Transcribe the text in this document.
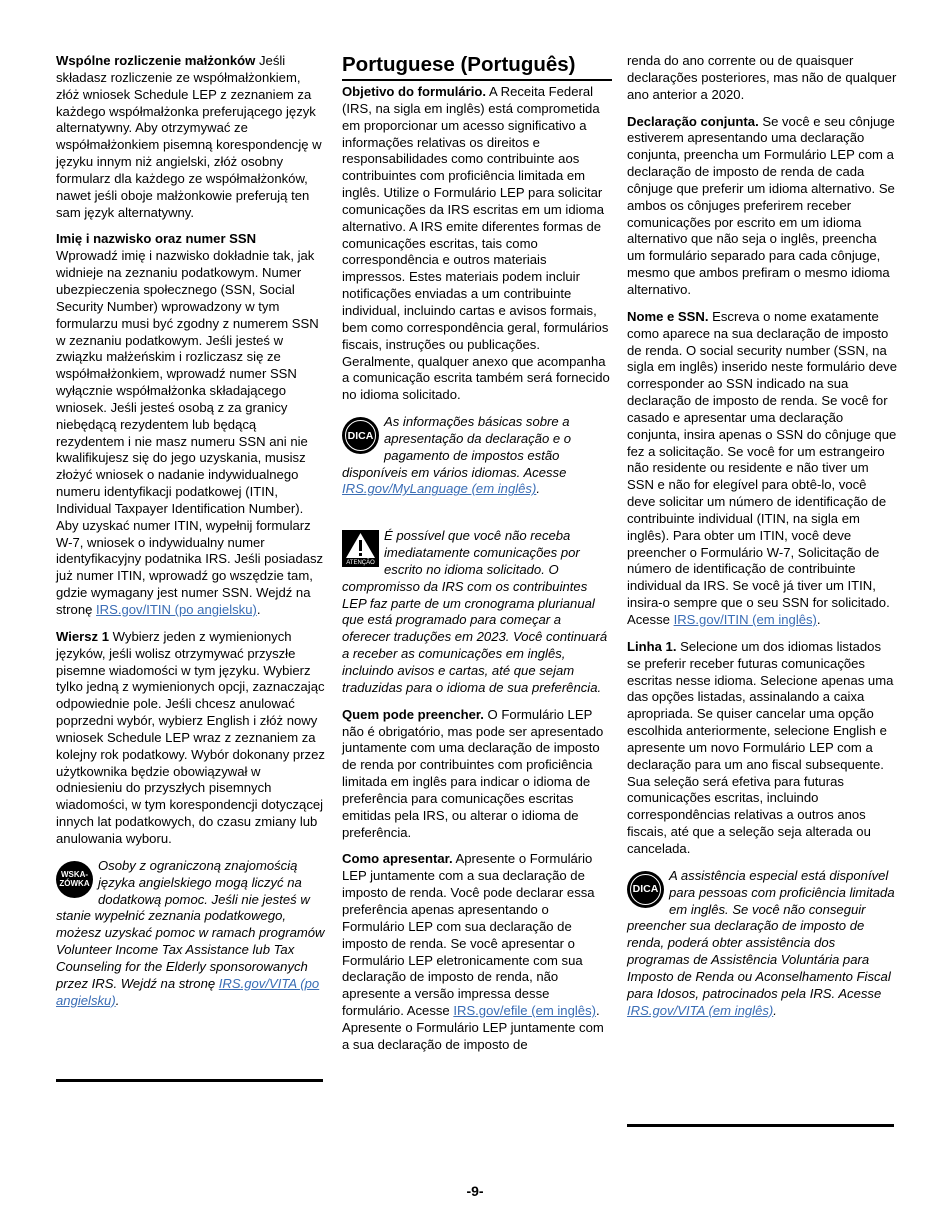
Wspólne rozliczenie małżonków Jeśli składasz rozliczenie ze współmałżonkiem, złóż wniosek Schedule LEP z zeznaniem za każdego współmałżonka preferującego język alternatywny. Aby otrzymywać ze współmałżonkiem pisemną korespondencję w języku innym niż angielski, złóż osobny formularz dla każdego ze współmałżonków, nawet jeśli oboje małżonkowie preferują ten sam język alternatywny.

Imię i nazwisko oraz numer SSN
Wprowadź imię i nazwisko dokładnie tak, jak widnieje na zeznaniu podatkowym. Numer ubezpieczenia społecznego (SSN, Social Security Number) wprowadzony w tym formularzu musi być zgodny z numerem SSN w zeznaniu podatkowym. Jeśli jesteś w związku małżeńskim i rozliczasz się ze współmałżonkiem, wprowadź numer SSN wyłącznie współmałżonka składającego wniosek. Jeśli jesteś osobą z za granicy niebędącą rezydentem lub będącą rezydentem i nie masz numeru SSN ani nie kwalifikujesz się do jego uzyskania, musisz złożyć wniosek o nadanie indywidualnego numeru identyfikacji podatkowej (ITIN, Individual Taxpayer Identification Number). Aby uzyskać numer ITIN, wypełnij formularz W-7, wniosek o indywidualny numer identyfikacyjny podatnika IRS. Jeśli posiadasz już numer ITIN, wprowadź go wszędzie tam, gdzie wymagany jest numer SSN. Wejdź na stronę IRS.gov/ITIN (po angielsku).

Wiersz 1 Wybierz jeden z wymienionych języków, jeśli wolisz otrzymywać przyszłe pisemne wiadomości w tym języku. Wybierz tylko jedną z wymienionych opcji, zaznaczając odpowiednie pole. Jeśli chcesz anulować poprzedni wybór, wybierz English i złóż nowy wniosek Schedule LEP wraz z zeznaniem za kolejny rok podatkowy. Wybór dokonany przez użytkownika będzie obowiązywał w odniesieniu do przyszłych pisemnych wiadomości, w tym korespondencji dotyczącej innych lat podatkowych, do czasu zmiany lub anulowania wyboru.

WSKA-
ZÓWKA
Osoby z ograniczoną znajomością języka angielskiego mogą liczyć na dodatkową pomoc. Jeśli nie jesteś w stanie wypełnić zeznania podatkowego, możesz uzyskać pomoc w ramach programów Volunteer Income Tax Assistance lub Tax Counseling for the Elderly sponsorowanych przez IRS. Wejdź na stronę IRS.gov/VITA (po angielsku).
Portuguese (Português)

Objetivo do formulário. A Receita Federal (IRS, na sigla em inglês) está comprometida em proporcionar um acesso significativo a informações relativas os direitos e responsabilidades como contribuinte aos contribuintes com proficiência limitada em inglês. Utilize o Formulário LEP para solicitar comunicações da IRS escritas em um idioma alternativo. A IRS emite diferentes formas de comunicações escritas, tais como correspondência e outros materiais impressos. Estes materiais podem incluir notificações enviadas a um contribuinte individual, incluindo cartas e avisos formais, bem como correspondência geral, formulários fiscais, instruções ou publicações. Geralmente, qualquer anexo que acompanha a comunicação escrita também será fornecido no idioma solicitado.

DICA
As informações básicas sobre a apresentação da declaração e o pagamento de impostos estão disponíveis em vários idiomas. Acesse IRS.gov/MyLanguage (em inglês).
ATENÇÃO
É possível que você não receba imediatamente comunicações por escrito no idioma solicitado. O compromisso da IRS com os contribuintes LEP faz parte de um cronograma plurianual que está programado para começar a oferecer traduções em 2023. Você continuará a receber as comunicações em inglês, incluindo avisos e cartas, até que sejam traduzidas para o idioma de sua preferência.

Quem pode preencher. O Formulário LEP não é obrigatório, mas pode ser apresentado juntamente com uma declaração de imposto de renda por contribuintes com proficiência limitada em inglês para indicar o idioma de preferência para comunicações escritas emitidas pela IRS, ou alterar o idioma de preferência.

Como apresentar. Apresente o Formulário LEP juntamente com a sua declaração de imposto de renda. Você pode declarar essa preferência apenas apresentando o Formulário LEP com sua declaração de imposto de renda. Se você apresentar o Formulário LEP eletronicamente com sua declaração de imposto de renda, não apresente a versão impressa desse formulário. Acesse IRS.gov/efile (em inglês). Apresente o Formulário LEP juntamente com a sua declaração de imposto de

renda do ano corrente ou de quaisquer declarações posteriores, mas não de qualquer ano anterior a 2020.

Declaração conjunta. Se você e seu cônjuge estiverem apresentando uma declaração conjunta, preencha um Formulário LEP com a declaração de imposto de renda de cada cônjuge que preferir um idioma alternativo. Se ambos os cônjuges preferirem receber comunicações por escrito em um idioma alternativo que não seja o inglês, preencha um formulário separado para cada cônjuge, mesmo que ambos prefiram o mesmo idioma alternativo.

Nome e SSN. Escreva o nome exatamente como aparece na sua declaração de imposto de renda. O social security number (SSN, na sigla em inglês) inserido neste formulário deve corresponder ao SSN indicado na sua declaração de imposto de renda. Se você for casado e apresentar uma declaração conjunta, insira apenas o SSN do cônjuge que fez a solicitação. Se você for um estrangeiro não residente ou residente e não tiver um SSN e não for elegível para obtê-lo, você deve solicitar um número de identificação de contribuinte individual (ITIN, na sigla em inglês). Para obter um ITIN, você deve preencher o Formulário W-7, Solicitação de número de identificação de contribuinte individual da IRS. Se você já tiver um ITIN, insira-o sempre que o seu SSN for solicitado. Acesse IRS.gov/ITIN (em inglês).

Linha 1. Selecione um dos idiomas listados se preferir receber futuras comunicações escritas nesse idioma. Selecione apenas uma das opções listadas, assinalando a caixa apropriada. Se quiser cancelar uma opção escolhida anteriormente, selecione English e apresente um novo Formulário LEP com a declaração para um ano fiscal subsequente. Sua seleção será efetiva para futuras comunicações escritas, incluindo correspondências relativas a outros anos fiscais, até que a seleção seja alterada ou cancelada.

DICA
A assistência especial está disponível para pessoas com proficiência limitada em inglês. Se você não conseguir preencher sua declaração de imposto de renda, poderá obter assistência dos programas de Assistência Voluntária para Imposto de Renda ou Aconselhamento Fiscal para Idosos, patrocinados pela IRS. Acesse IRS.gov/VITA (em inglês).
-9-
